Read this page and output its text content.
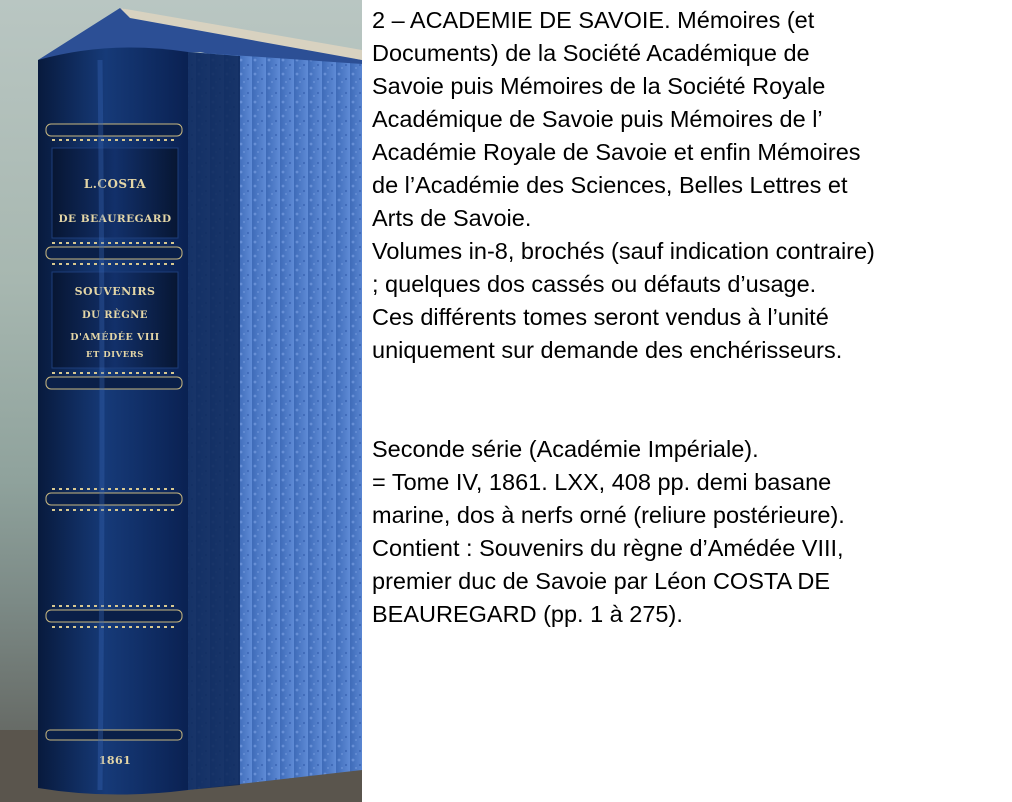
L.COSTA
DE BEAUREGARD
SOUVENIRS
DU RÈGNE
D'AMÉDÉE VIII
ET DIVERS
1861

2 – ACADEMIE DE SAVOIE. Mémoires (et

Documents) de la Société Académique de

Savoie puis Mémoires de la Société Royale

Académique de Savoie puis Mémoires de l’

Académie Royale de Savoie et enfin Mémoires

de l’Académie des Sciences, Belles Lettres et

Arts de Savoie.

Volumes in-8, brochés (sauf indication contraire)

; quelques dos cassés ou défauts d’usage.

Ces différents tomes seront vendus à l’unité

uniquement sur demande des enchérisseurs.

Seconde série (Académie Impériale).

= Tome IV, 1861. LXX, 408 pp. demi basane

marine, dos à nerfs orné (reliure postérieure).

Contient : Souvenirs du règne d’Amédée VIII,

premier duc de Savoie par Léon COSTA DE

BEAUREGARD (pp. 1 à 275).
